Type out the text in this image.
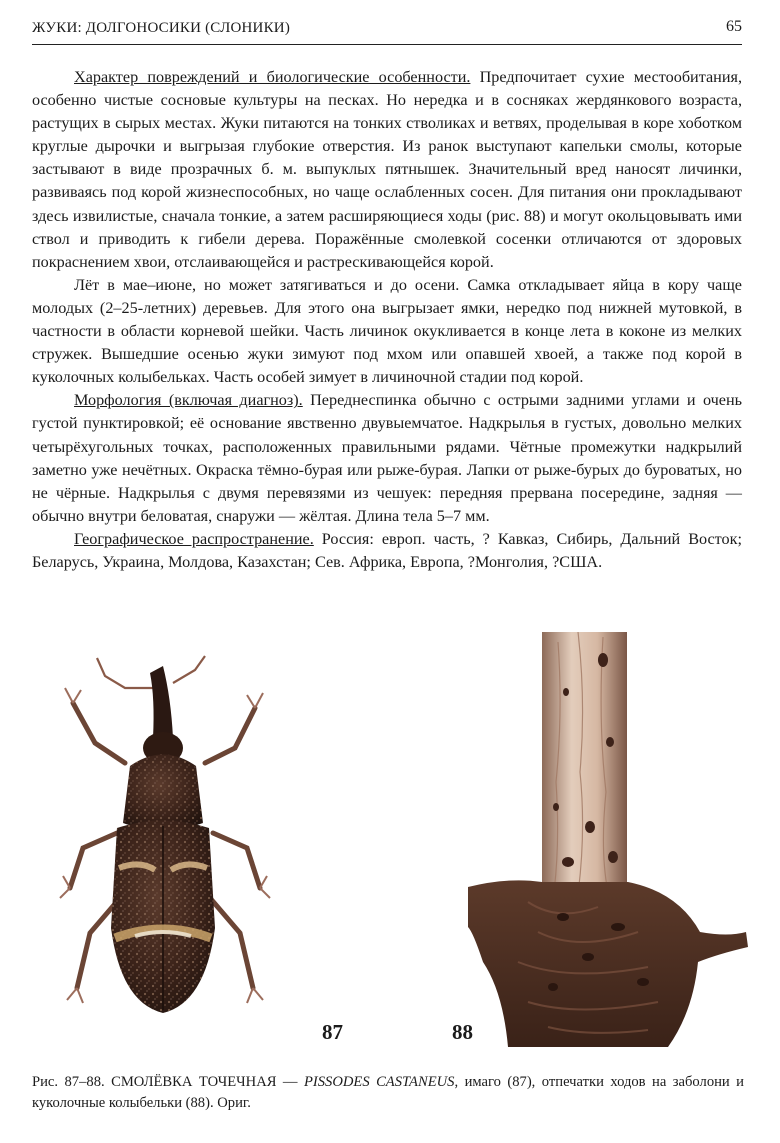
ЖУКИ: ДОЛГОНОСИКИ (СЛОНИКИ)	65

Характер повреждений и биологические особенности. Предпочитает сухие местообитания, особенно чистые сосновые культуры на песках. Но нередка и в сосняках жердянкового возраста, растущих в сырых местах. Жуки питаются на тонких стволиках и ветвях, проделывая в коре хоботком круглые дырочки и выгрызая глубокие отверстия. Из ранок выступают капельки смолы, которые застывают в виде прозрачных б. м. выпуклых пятнышек. Значительный вред наносят личинки, развиваясь под корой жизнеспособных, но чаще ослабленных сосен. Для питания они прокладывают здесь извилистые, сначала тонкие, а затем расширяющиеся ходы (рис. 88) и могут окольцовывать ими ствол и приводить к гибели дерева. Поражённые смолевкой сосенки отличаются от здоровых покраснением хвои, отслаивающейся и растрескивающейся корой.

Лёт в мае–июне, но может затягиваться и до осени. Самка откладывает яйца в кору чаще молодых (2–25-летних) деревьев. Для этого она выгрызает ямки, нередко под нижней мутовкой, в частности в области корневой шейки. Часть личинок окукливается в конце лета в коконе из мелких стружек. Вышедшие осенью жуки зимуют под мхом или опавшей хвоей, а также под корой в куколочных колыбельках. Часть особей зимует в личиночной стадии под корой.

Морфология (включая диагноз). Переднеспинка обычно с острыми задними углами и очень густой пунктировкой; её основание явственно двувыемчатое. Надкрылья в густых, довольно мелких четырёхугольных точках, расположенных правильными рядами. Чётные промежутки надкрылий заметно уже нечётных. Окраска тёмно-бурая или рыже-бурая. Лапки от рыже-бурых до буроватых, но не чёрные. Надкрылья с двумя перевязями из чешуек: передняя прервана посередине, задняя — обычно внутри беловатая, снаружи — жёлтая. Длина тела 5–7 мм.

Географическое распространение. Россия: европ. часть, ? Кавказ, Сибирь, Дальний Восток; Беларусь, Украина, Молдова, Казахстан; Сев. Африка, Европа, ?Монголия, ?США.

87	88
Рис. 87–88. СМОЛЁВКА ТОЧЕЧНАЯ — PISSODES CASTANEUS, имаго (87), отпечатки ходов на заболони и куколочные колыбельки (88). Ориг.
